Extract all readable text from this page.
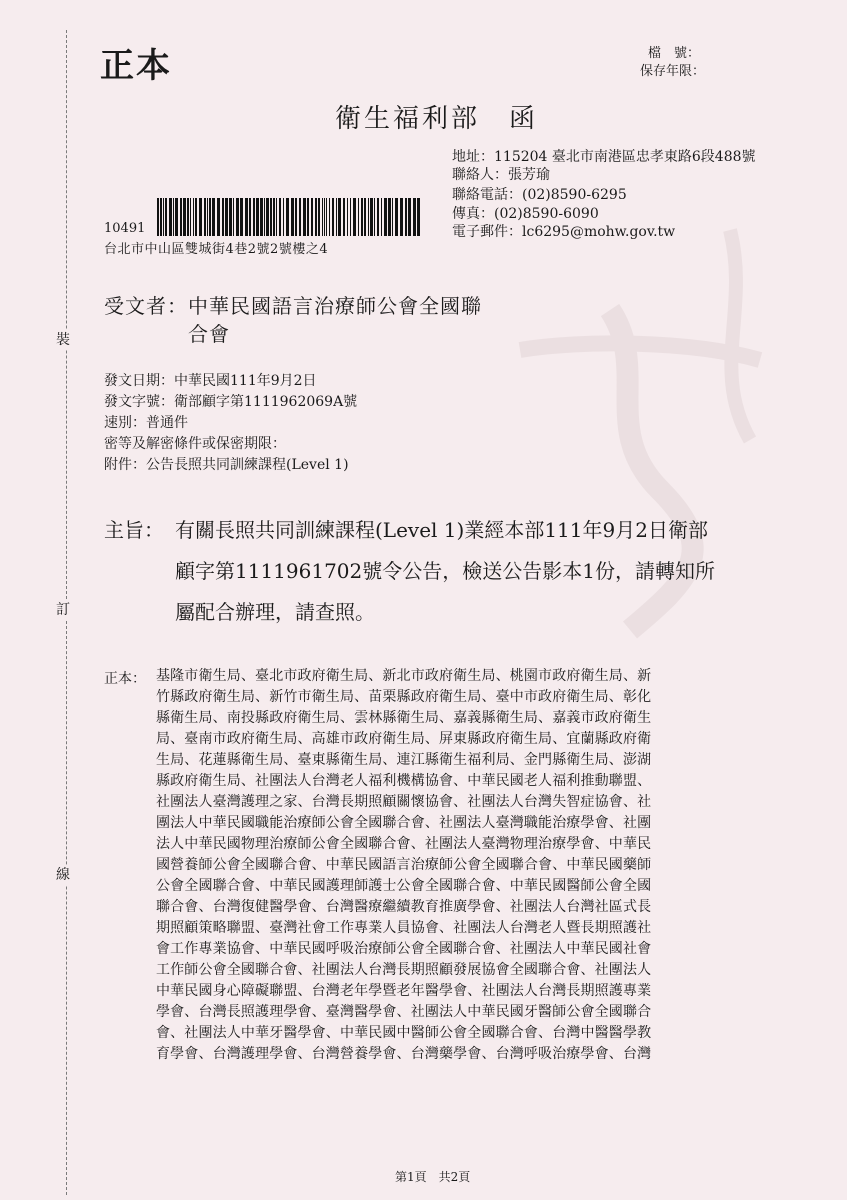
裝
訂
線
正本	檔　號：
保存年限：
衛生福利部　函
地址：115204 臺北市南港區忠孝東路6段488號
聯絡人：張芳瑜
聯絡電話：(02)8590-6295
傳真：(02)8590-6090
電子郵件：lc6295@mohw.gov.tw
10491
台北市中山區雙城街4巷2號2號樓之4
受文者：中華民國語言治療師公會全國聯
合會
發文日期：中華民國111年9月2日
發文字號：衛部顧字第1111962069A號
速別：普通件
密等及解密條件或保密期限：
附件：公告長照共同訓練課程(Level 1)
主旨： 有關長照共同訓練課程(Level 1)業經本部111年9月2日衛部
顧字第1111961702號令公告，檢送公告影本1份，請轉知所
屬配合辦理，請查照。
正本： 基隆市衛生局、臺北市政府衛生局、新北市政府衛生局、桃園市政府衛生局、新
竹縣政府衛生局、新竹市衛生局、苗栗縣政府衛生局、臺中市政府衛生局、彰化
縣衛生局、南投縣政府衛生局、雲林縣衛生局、嘉義縣衛生局、嘉義市政府衛生
局、臺南市政府衛生局、高雄市政府衛生局、屏東縣政府衛生局、宜蘭縣政府衛
生局、花蓮縣衛生局、臺東縣衛生局、連江縣衛生福利局、金門縣衛生局、澎湖
縣政府衛生局、社團法人台灣老人福利機構協會、中華民國老人福利推動聯盟、
社團法人臺灣護理之家、台灣長期照顧關懷協會、社團法人台灣失智症協會、社
團法人中華民國職能治療師公會全國聯合會、社團法人臺灣職能治療學會、社團
法人中華民國物理治療師公會全國聯合會、社團法人臺灣物理治療學會、中華民
國營養師公會全國聯合會、中華民國語言治療師公會全國聯合會、中華民國藥師
公會全國聯合會、中華民國護理師護士公會全國聯合會、中華民國醫師公會全國
聯合會、台灣復健醫學會、台灣醫療繼續教育推廣學會、社團法人台灣社區式長
期照顧策略聯盟、臺灣社會工作專業人員協會、社團法人台灣老人暨長期照護社
會工作專業協會、中華民國呼吸治療師公會全國聯合會、社團法人中華民國社會
工作師公會全國聯合會、社團法人台灣長期照顧發展協會全國聯合會、社團法人
中華民國身心障礙聯盟、台灣老年學暨老年醫學會、社團法人台灣長期照護專業
學會、台灣長照護理學會、臺灣醫學會、社團法人中華民國牙醫師公會全國聯合
會、社團法人中華牙醫學會、中華民國中醫師公會全國聯合會、台灣中醫醫學教
育學會、台灣護理學會、台灣營養學會、台灣藥學會、台灣呼吸治療學會、台灣
第1頁　共2頁
